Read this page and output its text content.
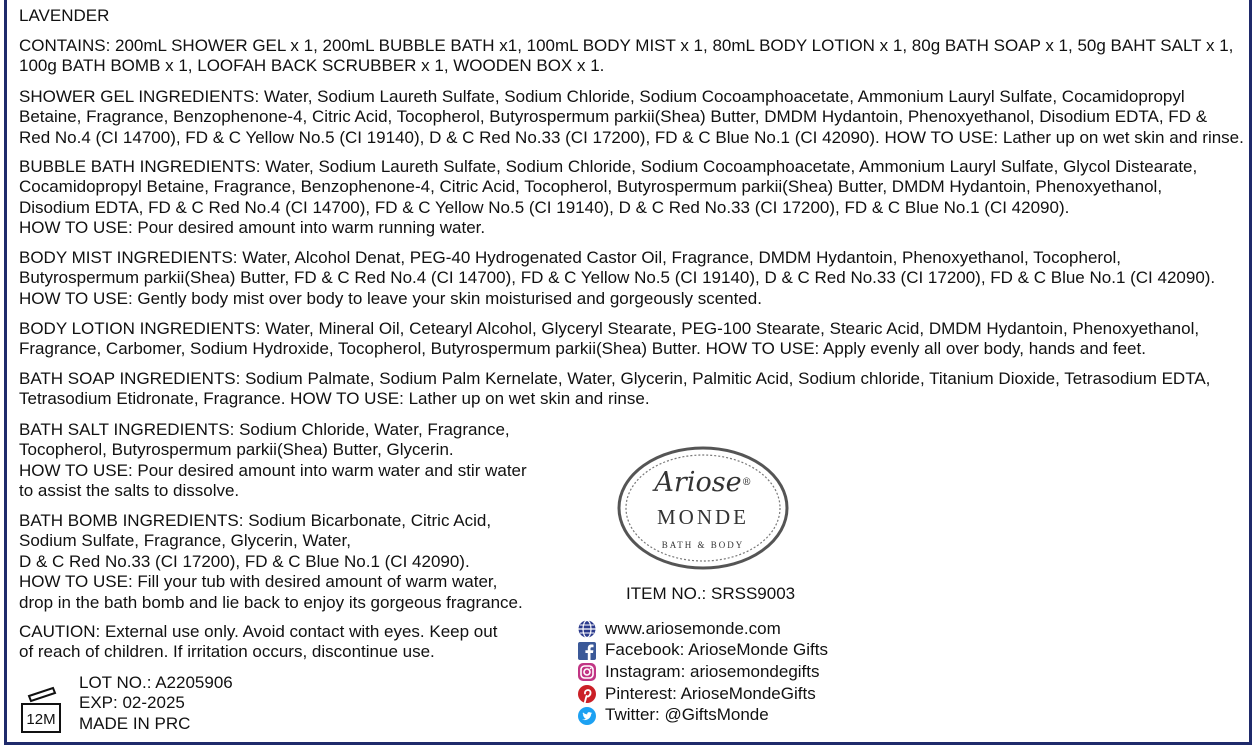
LAVENDER
CONTAINS: 200mL SHOWER GEL x 1, 200mL BUBBLE BATH x1, 100mL BODY MIST x 1, 80mL BODY LOTION x 1, 80g BATH SOAP x 1, 50g BAHT SALT x 1,
100g BATH BOMB x 1, LOOFAH BACK SCRUBBER x 1, WOODEN BOX x 1.
SHOWER GEL INGREDIENTS: Water, Sodium Laureth Sulfate, Sodium Chloride, Sodium Cocoamphoacetate, Ammonium Lauryl Sulfate, Cocamidopropyl
Betaine, Fragrance, Benzophenone-4, Citric Acid, Tocopherol, Butyrospermum parkii(Shea) Butter, DMDM Hydantoin, Phenoxyethanol, Disodium EDTA, FD &
Red No.4 (CI 14700), FD & C Yellow No.5 (CI 19140), D & C Red No.33 (CI 17200), FD & C Blue No.1 (CI 42090). HOW TO USE: Lather up on wet skin and rinse.
BUBBLE BATH INGREDIENTS: Water, Sodium Laureth Sulfate, Sodium Chloride, Sodium Cocoamphoacetate, Ammonium Lauryl Sulfate, Glycol Distearate,
Cocamidopropyl Betaine, Fragrance, Benzophenone-4, Citric Acid, Tocopherol, Butyrospermum parkii(Shea) Butter, DMDM Hydantoin, Phenoxyethanol,
Disodium EDTA, FD & C Red No.4 (CI 14700), FD & C Yellow No.5 (CI 19140), D & C Red No.33 (CI 17200), FD & C Blue No.1 (CI 42090).
HOW TO USE: Pour desired amount into warm running water.
BODY MIST INGREDIENTS: Water, Alcohol Denat, PEG-40 Hydrogenated Castor Oil, Fragrance, DMDM Hydantoin, Phenoxyethanol, Tocopherol,
Butyrospermum parkii(Shea) Butter, FD & C Red No.4 (CI 14700), FD & C Yellow No.5 (CI 19140), D & C Red No.33 (CI 17200), FD & C Blue No.1 (CI 42090).
HOW TO USE: Gently body mist over body to leave your skin moisturised and gorgeously scented.
BODY LOTION INGREDIENTS: Water, Mineral Oil, Cetearyl Alcohol, Glyceryl Stearate, PEG-100 Stearate, Stearic Acid, DMDM Hydantoin, Phenoxyethanol,
Fragrance, Carbomer, Sodium Hydroxide, Tocopherol, Butyrospermum parkii(Shea) Butter. HOW TO USE: Apply evenly all over body, hands and feet.
BATH SOAP INGREDIENTS: Sodium Palmate, Sodium Palm Kernelate, Water, Glycerin, Palmitic Acid, Sodium chloride, Titanium Dioxide, Tetrasodium EDTA,
Tetrasodium Etidronate, Fragrance. HOW TO USE: Lather up on wet skin and rinse.
BATH SALT INGREDIENTS: Sodium Chloride, Water, Fragrance,
Tocopherol, Butyrospermum parkii(Shea) Butter, Glycerin.
HOW TO USE: Pour desired amount into warm water and stir water
to assist the salts to dissolve.
BATH BOMB INGREDIENTS: Sodium Bicarbonate, Citric Acid,
Sodium Sulfate, Fragrance, Glycerin, Water,
D & C Red No.33 (CI 17200), FD & C Blue No.1 (CI 42090).
HOW TO USE: Fill your tub with desired amount of warm water,
drop in the bath bomb and lie back to enjoy its gorgeous fragrance.
CAUTION: External use only. Avoid contact with eyes. Keep out
of reach of children. If irritation occurs, discontinue use.
12M
LOT NO.: A2205906
EXP: 02-2025
MADE IN PRC
Ariose®
MONDE
BATH & BODY
ITEM NO.: SRSS9003
www.ariosemonde.com
Facebook: ArioseMonde Gifts
Instagram: ariosemondegifts
Pinterest: ArioseMondeGifts
Twitter: @GiftsMonde
